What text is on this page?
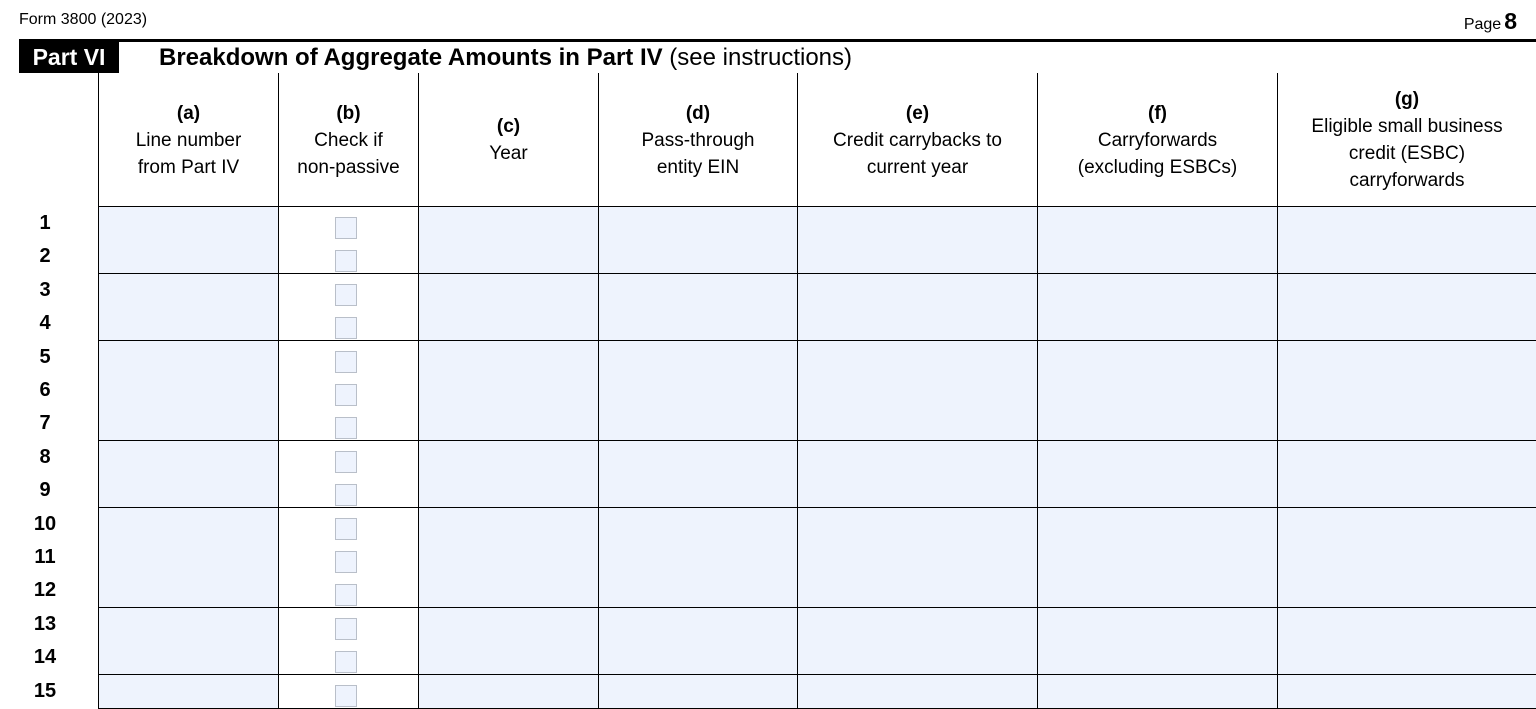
Form 3800 (2023)	Page 8
Part VI	Breakdown of Aggregate Amounts in Part IV (see instructions)
(a)
Line number
from Part IV
(b)
Check if
non-passive
(c)
Year
(d)
Pass-through
entity EIN
(e)
Credit carrybacks to
current year
(f)
Carryforwards
(excluding ESBCs)
(g)
Eligible small business
credit (ESBC)
carryforwards
1
2
3
4
5
6
7
8
9
10
11
12
13
14
15
